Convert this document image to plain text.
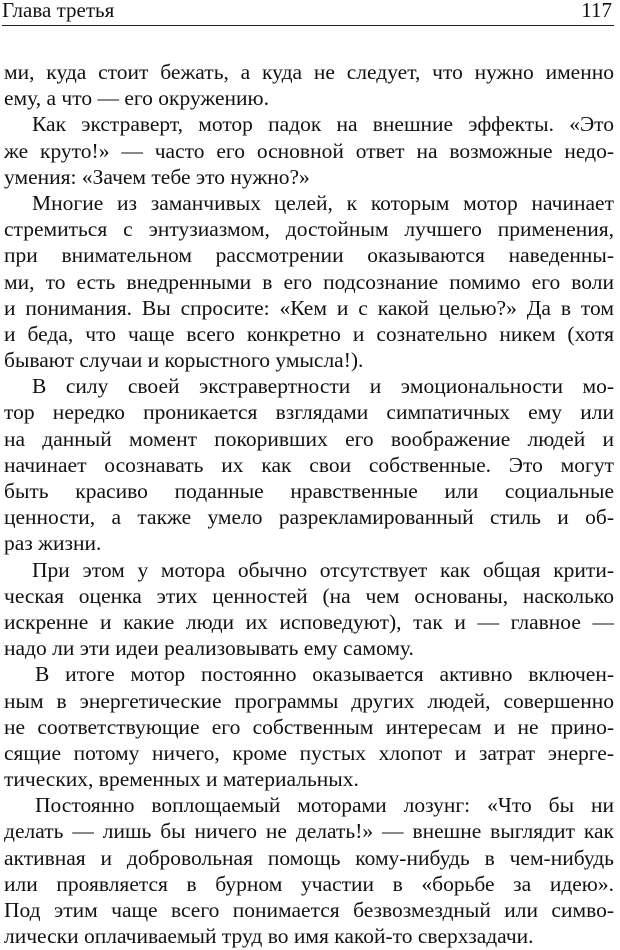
Глава третья	117
ми, куда стоит бежать, а куда не следует, что нужно именно
ему, а что — его окружению.
Как экстраверт, мотор падок на внешние эффекты. «Это
же круто!» — часто его основной ответ на возможные недо-
умения: «Зачем тебе это нужно?»
Многие из заманчивых целей, к которым мотор начинает
стремиться с энтузиазмом, достойным лучшего применения,
при внимательном рассмотрении оказываются наведенны-
ми, то есть внедренными в его подсознание помимо его воли
и понимания. Вы спросите: «Кем и с какой целью?» Да в том
и беда, что чаще всего конкретно и сознательно никем (хотя
бывают случаи и корыстного умысла!).
В силу своей экстравертности и эмоциональности мо-
тор нередко проникается взглядами симпатичных ему или
на данный момент покоривших его воображение людей и
начинает осознавать их как свои собственные. Это могут
быть красиво поданные нравственные или социальные
ценности, а также умело разрекламированный стиль и об-
раз жизни.
При этом у мотора обычно отсутствует как общая крити-
ческая оценка этих ценностей (на чем основаны, насколько
искренне и какие люди их исповедуют), так и — главное —
надо ли эти идеи реализовывать ему самому.
В итоге мотор постоянно оказывается активно включен-
ным в энергетические программы других людей, совершенно
не соответствующие его собственным интересам и не прино-
сящие потому ничего, кроме пустых хлопот и затрат энерге-
тических, временных и материальных.
Постоянно воплощаемый моторами лозунг: «Что бы ни
делать — лишь бы ничего не делать!» — внешне выглядит как
активная и добровольная помощь кому-нибудь в чем-нибудь
или проявляется в бурном участии в «борьбе за идею».
Под этим чаще всего понимается безвозмездный или симво-
лически оплачиваемый труд во имя какой-то сверхзадачи.
